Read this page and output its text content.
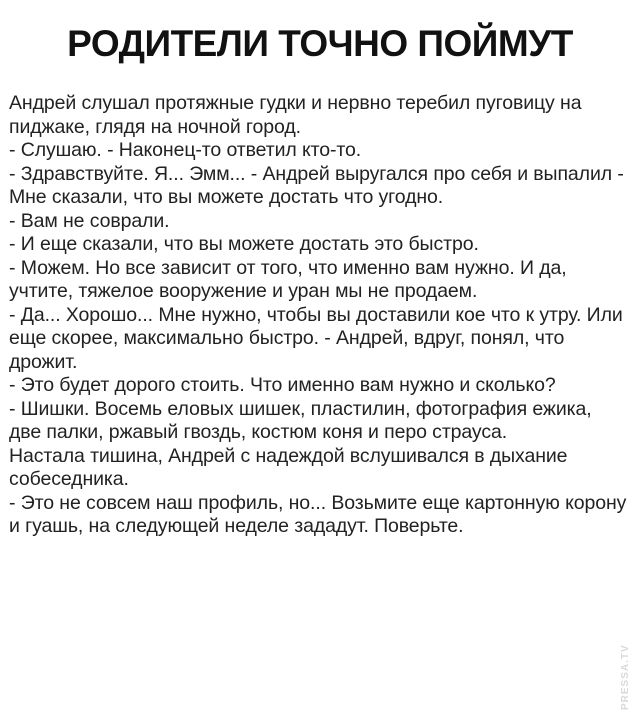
РОДИТЕЛИ ТОЧНО ПОЙМУТ

Андрей слушал протяжные гудки и нервно теребил пуговицу на пиджаке, глядя на ночной город.

- Слушаю. - Наконец-то ответил кто-то.

- Здравствуйте. Я... Эмм... - Андрей выругался про себя и выпалил - Мне сказали, что вы можете достать что угодно.

- Вам не соврали.

- И еще сказали, что вы можете достать это быстро.

- Можем. Но все зависит от того, что именно вам нужно. И да, учтите, тяжелое вооружение и уран мы не продаем.

- Да... Хорошо... Мне нужно, чтобы вы доставили кое что к утру. Или еще скорее, максимально быстро. - Андрей, вдруг, понял, что дрожит.

- Это будет дорого стоить. Что именно вам нужно и сколько?

- Шишки. Восемь еловых шишек, пластилин, фотография ежика, две палки, ржавый гвоздь, костюм коня и перо страуса.

Настала тишина, Андрей с надеждой вслушивался в дыхание собеседника.

- Это не совсем наш профиль, но... Возьмите еще картонную корону и гуашь, на следующей неделе зададут. Поверьте.

PRESSA.TV
